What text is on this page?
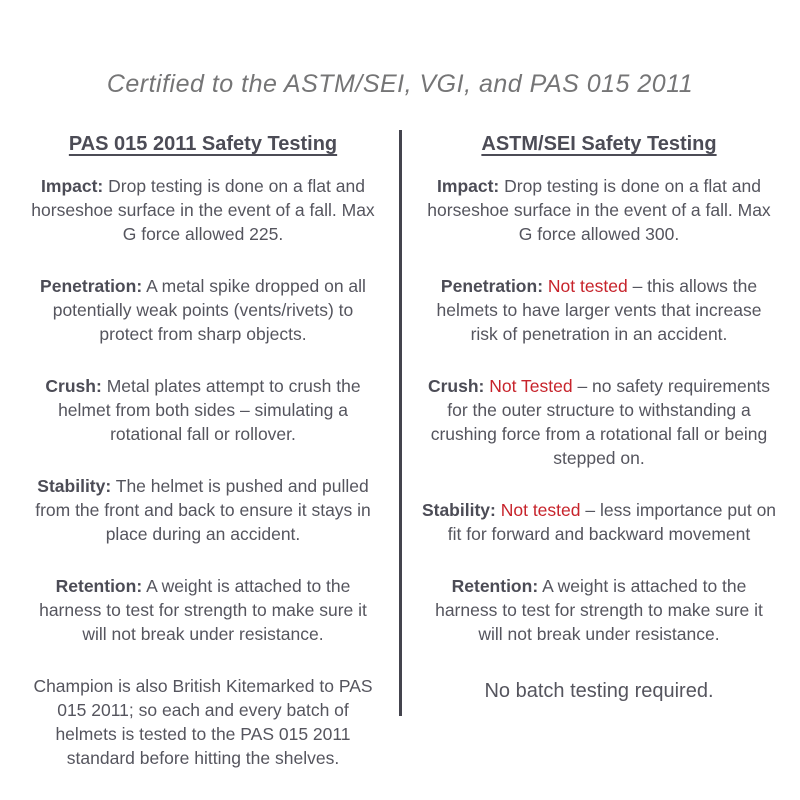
Certified to the ASTM/SEI, VGI, and PAS 015 2011
PAS 015 2011 Safety Testing

Impact: Drop testing is done on a flat and horseshoe surface in the event of a fall. Max G force allowed 225.

Penetration: A metal spike dropped on all potentially weak points (vents/rivets) to protect from sharp objects.

Crush: Metal plates attempt to crush the helmet from both sides – simulating a rotational fall or rollover.

Stability: The helmet is pushed and pulled from the front and back to ensure it stays in place during an accident.

Retention: A weight is attached to the harness to test for strength to make sure it will not break under resistance.

Champion is also British Kitemarked to PAS 015 2011; so each and every batch of helmets is tested to the PAS 015 2011 standard before hitting the shelves.

ASTM/SEI Safety Testing

Impact: Drop testing is done on a flat and horseshoe surface in the event of a fall. Max G force allowed 300.

Penetration: Not tested – this allows the helmets to have larger vents that increase risk of penetration in an accident.

Crush: Not Tested – no safety requirements for the outer structure to withstanding a crushing force from a rotational fall or being stepped on.

Stability: Not tested – less importance put on fit for forward and backward movement

Retention: A weight is attached to the harness to test for strength to make sure it will not break under resistance.

No batch testing required.
